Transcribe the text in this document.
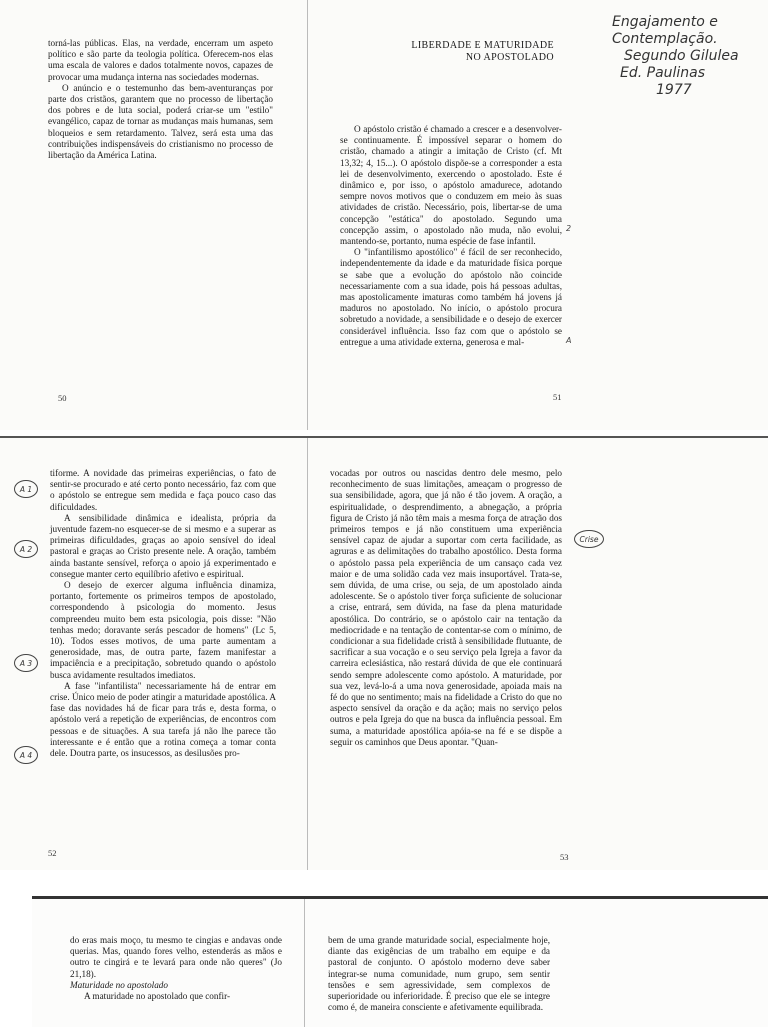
torná-las públicas. Elas, na verdade, encerram um aspeto político e são parte da teologia política. Oferecem-nos elas uma escala de valores e dados totalmente novos, capazes de provocar uma mudança interna nas sociedades modernas.

O anúncio e o testemunho das bem-aventuranças por parte dos cristãos, garantem que no processo de libertação dos pobres e de luta social, poderá criar-se um "estilo" evangélico, capaz de tornar as mudanças mais humanas, sem bloqueios e sem retardamento. Talvez, será esta uma das contribuições indispensáveis do cristianismo no processo de libertação da América Latina.

50
LIBERDADE E MATURIDADE
NO APOSTOLADO

O apóstolo cristão é chamado a crescer e a desenvolver-se continuamente. É impossível separar o homem do cristão, chamado a atingir a imitação de Cristo (cf. Mt 13,32; 4, 15...). O apóstolo dispõe-se a corresponder a esta lei de desenvolvimento, exercendo o apostolado. Este é dinâmico e, por isso, o apóstolo amadurece, adotando sempre novos motivos que o conduzem em meio às suas atividades de cristão. Necessário, pois, libertar-se de uma concepção "estática" do apostolado. Segundo uma concepção assim, o apostolado não muda, não evolui, mantendo-se, portanto, numa espécie de fase infantil.

O "infantilismo apostólico" é fácil de ser reconhecido, independentemente da idade e da maturidade física porque se sabe que a evolução do apóstolo não coincide necessariamente com a sua idade, pois há pessoas adultas, mas apostolicamente imaturas como também há jovens já maduros no apostolado. No início, o apóstolo procura sobretudo a novidade, a sensibilidade e o desejo de exercer considerável influência. Isso faz com que o apóstolo se entregue a uma atividade externa, generosa e mal-

51
2
A
Engajamento e
Contemplação.
Segundo Gilulea
Ed. Paulinas
1977

tiforme. A novidade das primeiras experiências, o fato de sentir-se procurado e até certo ponto necessário, faz com que o apóstolo se entregue sem medida e faça pouco caso das dificuldades.

A sensibilidade dinâmica e idealista, própria da juventude fazem-no esquecer-se de si mesmo e a superar as primeiras dificuldades, graças ao apoio sensível do ideal pastoral e graças ao Cristo presente nele. A oração, também ainda bastante sensível, reforça o apoio já experimentado e consegue manter certo equilíbrio afetivo e espiritual.

O desejo de exercer alguma influência dinamiza, portanto, fortemente os primeiros tempos de apostolado, correspondendo à psicologia do momento. Jesus compreendeu muito bem esta psicologia, pois disse: "Não tenhas medo; doravante serás pescador de homens" (Lc 5, 10). Todos esses motivos, de uma parte aumentam a generosidade, mas, de outra parte, fazem manifestar a impaciência e a precipitação, sobretudo quando o apóstolo busca avidamente resultados imediatos.

A fase "infantilista" necessariamente há de entrar em crise. Único meio de poder atingir a maturidade apostólica. A fase das novidades há de ficar para trás e, desta forma, o apóstolo verá a repetição de experiências, de encontros com pessoas e de situações. A sua tarefa já não lhe parece tão interessante e é então que a rotina começa a tomar conta dele. Doutra parte, os insucessos, as desilusões pro-

52
A 1
A 2
A 3
A 4

vocadas por outros ou nascidas dentro dele mesmo, pelo reconhecimento de suas limitações, ameaçam o progresso de sua sensibilidade, agora, que já não é tão jovem. A oração, a espiritualidade, o desprendimento, a abnegação, a própria figura de Cristo já não têm mais a mesma força de atração dos primeiros tempos e já não constituem uma experiência sensível capaz de ajudar a suportar com certa facilidade, as agruras e as delimitações do trabalho apostólico. Desta forma o apóstolo passa pela experiência de um cansaço cada vez maior e de uma solidão cada vez mais insuportável. Trata-se, sem dúvida, de uma crise, ou seja, de um apostolado ainda adolescente. Se o apóstolo tiver força suficiente de solucionar a crise, entrará, sem dúvida, na fase da plena maturidade apostólica. Do contrário, se o apóstolo cair na tentação da mediocridade e na tentação de contentar-se com o mínimo, de condicionar a sua fidelidade cristã à sensibilidade flutuante, de sacrificar a sua vocação e o seu serviço pela Igreja a favor da carreira eclesiástica, não restará dúvida de que ele continuará sendo sempre adolescente como apóstolo. A maturidade, por sua vez, levá-lo-á a uma nova generosidade, apoiada mais na fé do que no sentimento; mais na fidelidade a Cristo do que no aspecto sensível da oração e da ação; mais no serviço pelos outros e pela Igreja do que na busca da influência pessoal. Em suma, a maturidade apostólica apóia-se na fé e se dispõe a seguir os caminhos que Deus apontar. "Quan-

53
Crise

do eras mais moço, tu mesmo te cingias e andavas onde querias. Mas, quando fores velho, estenderás as mãos e outro te cingirá e te levará para onde não queres" (Jo 21,18).

Maturidade no apostolado

A maturidade no apostolado que confir-

bem de uma grande maturidade social, especialmente hoje, diante das exigências de um trabalho em equipe e da pastoral de conjunto. O apóstolo moderno deve saber integrar-se numa comunidade, num grupo, sem sentir tensões e sem agressividade, sem complexos de superioridade ou inferioridade. É preciso que ele se integre como é, de maneira consciente e afetivamente equilibrada.
